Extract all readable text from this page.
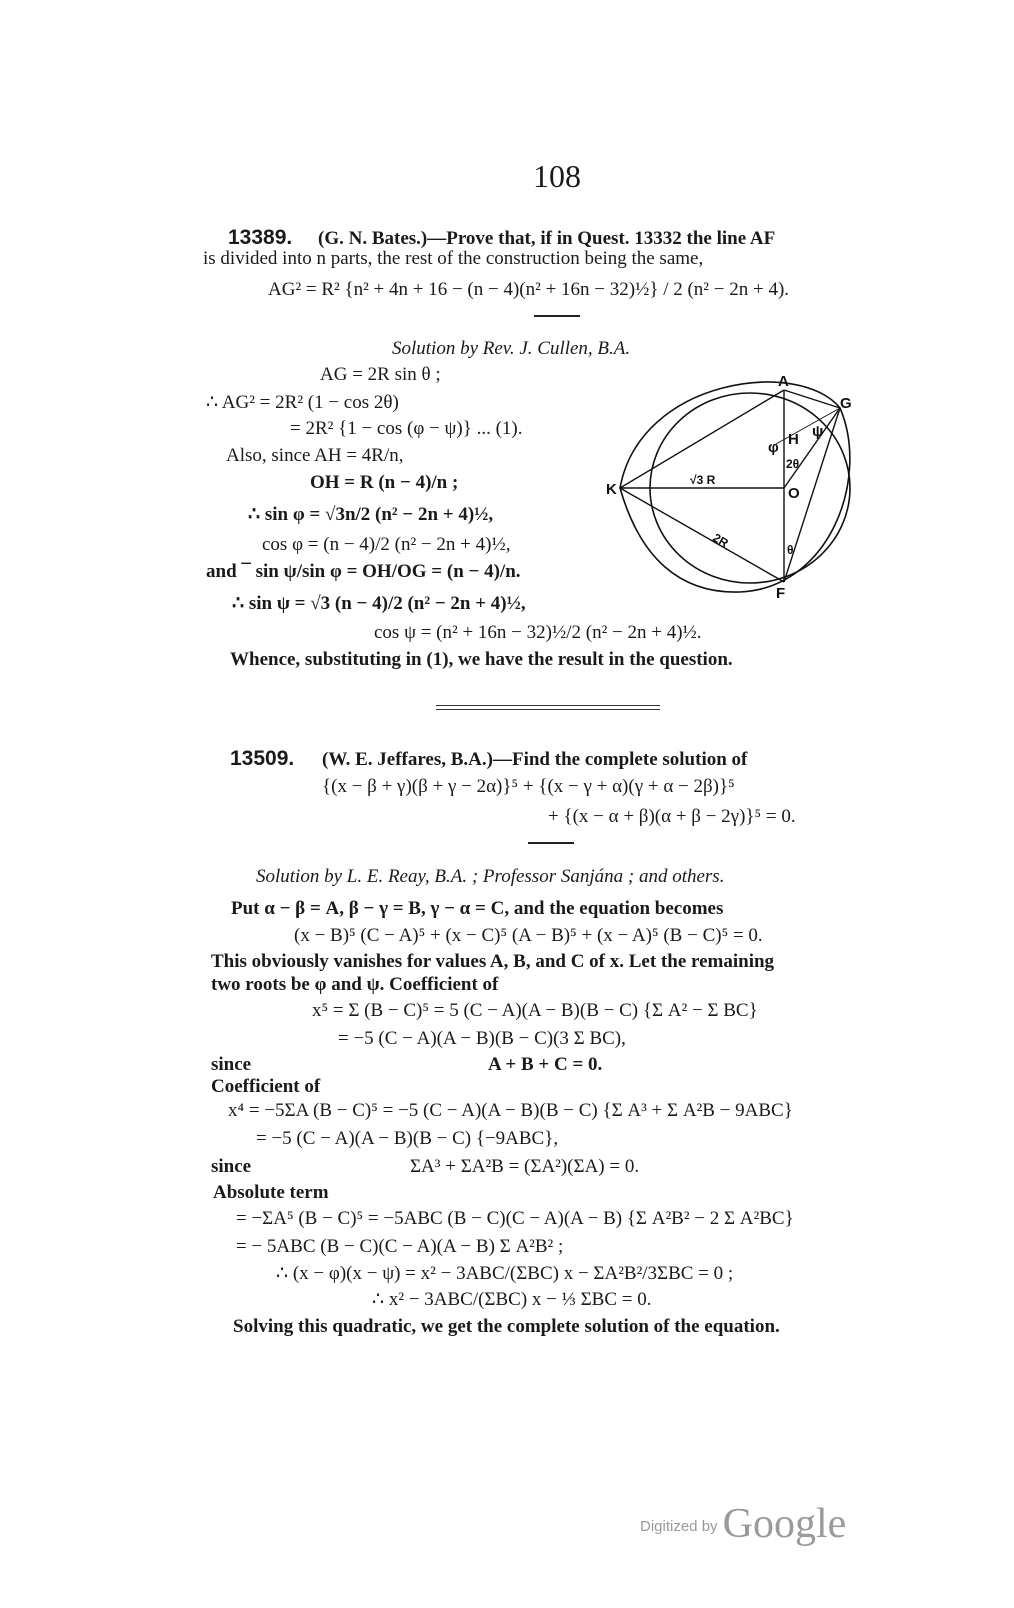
108
13389. (G. N. Bates.)—Prove that, if in Quest. 13332 the line AF
is divided into n parts, the rest of the construction being the same,
AG² = R² {n² + 4n + 16 − (n − 4)(n² + 16n − 32)½} / 2 (n² − 2n + 4).
Solution by Rev. J. Cullen, B.A.
AG = 2R sin θ ;
∴ AG² = 2R² (1 − cos 2θ)
= 2R² {1 − cos (φ − ψ)} ... (1).
Also, since AH = 4R/n,
OH = R (n − 4)/n ;
∴ sin φ = √3n/2 (n² − 2n + 4)½,
cos φ = (n − 4)/2 (n² − 2n + 4)½,
and ¯ sin ψ/sin φ = OH/OG = (n − 4)/n.
∴ sin ψ = √3 (n − 4)/2 (n² − 2n + 4)½,
cos ψ = (n² + 16n − 32)½/2 (n² − 2n + 4)½.
Whence, substituting in (1), we have the result in the question.
A
G
K
F
H
O
φ
ψ
2θ
θ
√3 R
2R
13509. (W. E. Jeffares, B.A.)—Find the complete solution of
{(x − β + γ)(β + γ − 2α)}⁵ + {(x − γ + α)(γ + α − 2β)}⁵
+ {(x − α + β)(α + β − 2γ)}⁵ = 0.
Solution by L. E. Reay, B.A. ; Professor Sanjána ; and others.
Put α − β = A, β − γ = B, γ − α = C, and the equation becomes
(x − B)⁵ (C − A)⁵ + (x − C)⁵ (A − B)⁵ + (x − A)⁵ (B − C)⁵ = 0.
This obviously vanishes for values A, B, and C of x. Let the remaining
two roots be φ and ψ. Coefficient of
x⁵ = Σ (B − C)⁵ = 5 (C − A)(A − B)(B − C) {Σ A² − Σ BC}
= −5 (C − A)(A − B)(B − C)(3 Σ BC),
since	A + B + C = 0.
Coefficient of
x⁴ = −5ΣA (B − C)⁵ = −5 (C − A)(A − B)(B − C) {Σ A³ + Σ A²B − 9ABC}
= −5 (C − A)(A − B)(B − C) {−9ABC},
since	ΣA³ + ΣA²B = (ΣA²)(ΣA) = 0.
Absolute term
= −ΣA⁵ (B − C)⁵ = −5ABC (B − C)(C − A)(A − B) {Σ A²B² − 2 Σ A²BC}
= − 5ABC (B − C)(C − A)(A − B) Σ A²B² ;
∴ (x − φ)(x − ψ) = x² − 3ABC/(ΣBC) x − ΣA²B²/3ΣBC = 0 ;
∴ x² − 3ABC/(ΣBC) x − ⅓ ΣBC = 0.
Solving this quadratic, we get the complete solution of the equation.
Digitized by Google
